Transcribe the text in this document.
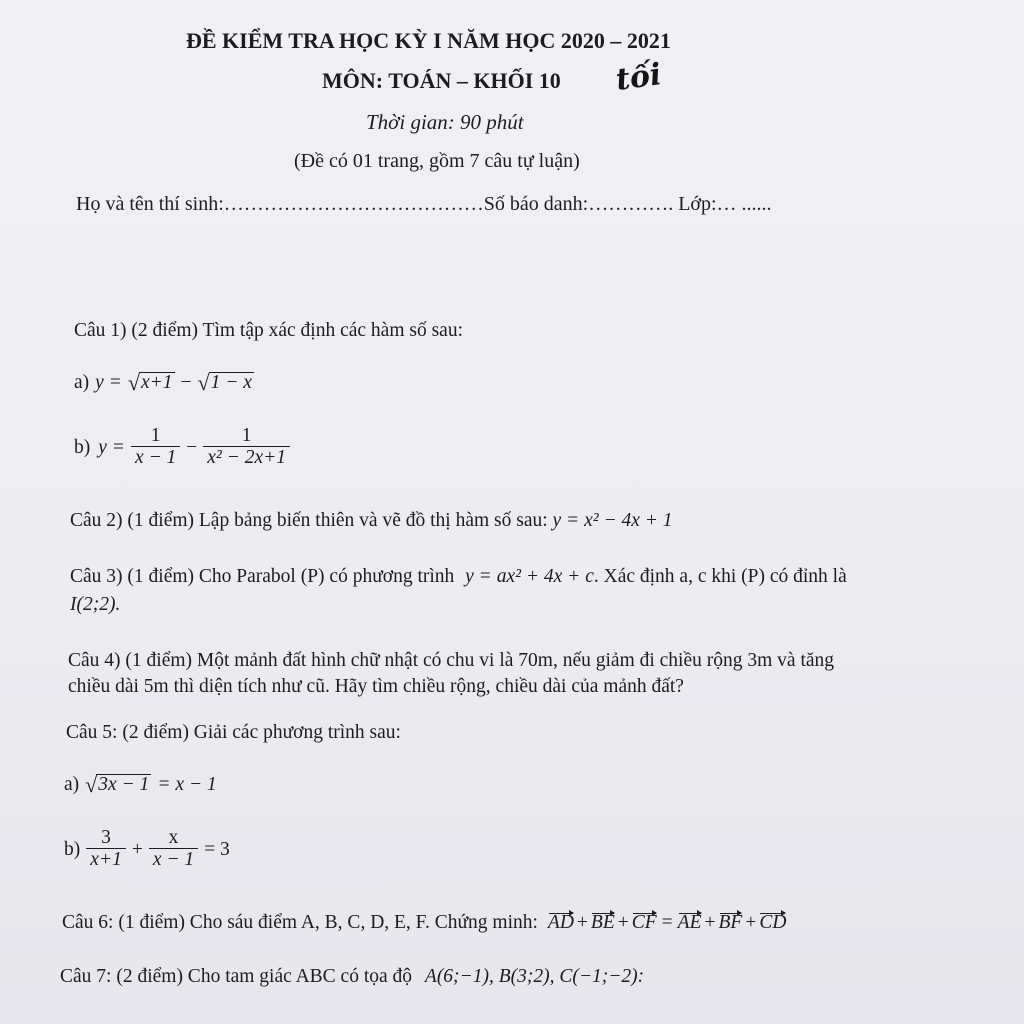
ĐỀ KIỂM TRA HỌC KỲ I NĂM HỌC 2020 – 2021
MÔN: TOÁN – KHỐI 10 tối
Thời gian: 90 phút
(Đề có 01 trang, gồm 7 câu tự luận)
Họ và tên thí sinh:…………………………………Số báo danh:…………. Lớp:… ......
Câu 1) (2 điểm) Tìm tập xác định các hàm số sau:
a) y = √ x+1 − √ 1 − x
b) $y = \frac{1}{x - 1} - \frac{1}{\text{x² − 2x+1}}$
Câu 2) (1 điểm) Lập bảng biến thiên và vẽ đồ thị hàm số sau: y = x² − 4x + 1
Câu 3) (1 điểm) Cho Parabol (P) có phương trình y = ax² + 4x + c. Xác định a, c khi (P) có đỉnh là
I(2;2).
Câu 4) (1 điểm) Một mảnh đất hình chữ nhật có chu vi là 70m, nếu giảm đi chiều rộng 3m và tăng
chiều dài 5m thì diện tích như cũ. Hãy tìm chiều rộng, chiều dài của mảnh đất?
Câu 5: (2 điểm) Giải các phương trình sau:
a) √ 3x − 1 = x − 1
$b) \frac{3}{x+1} + \frac{x}{x - 1} = 3$
Câu 6: (1 điểm) Cho sáu điểm A, B, C, D, E, F. Chứng minh: AD + BE + CF = AE + BF + CD
Câu 7: (2 điểm) Cho tam giác ABC có tọa độ A(6;−1), B(3;2), C(−1;−2):
